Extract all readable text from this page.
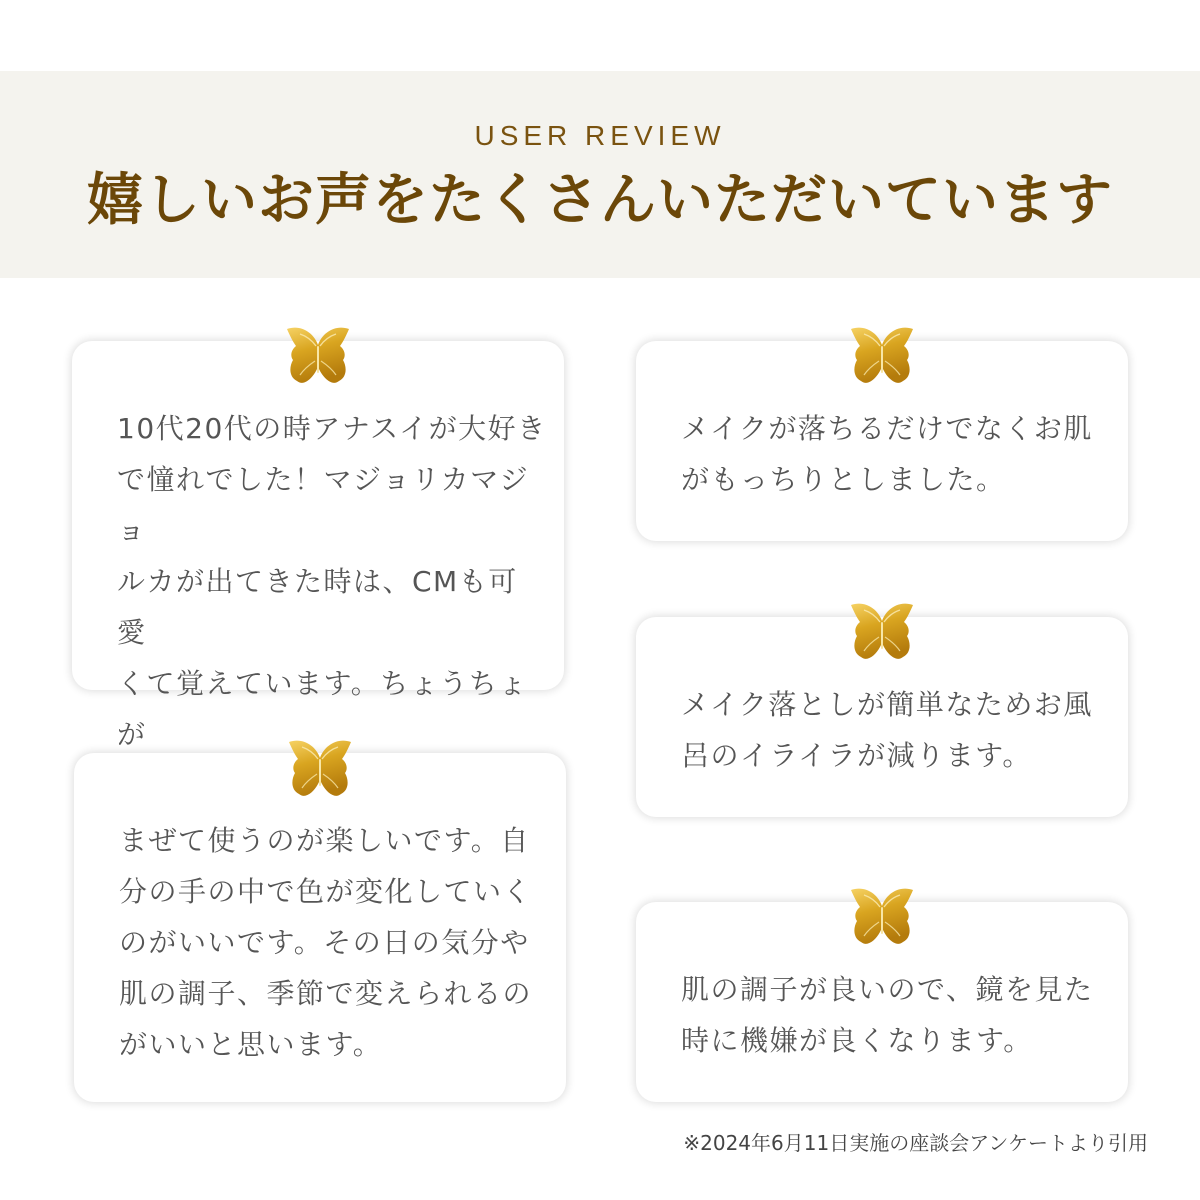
USER REVIEW
嬉しいお声をたくさんいただいています
10代20代の時アナスイが大好き
で憧れでした！マジョリカマジョ
ルカが出てきた時は、CMも可愛
くて覚えています。ちょうちょが
まぜて使うのが楽しいです。自
分の手の中で色が変化していく
のがいいです。その日の気分や
肌の調子、季節で変えられるの
がいいと思います。
メイクが落ちるだけでなくお肌
がもっちりとしました。
メイク落としが簡単なためお風
呂のイライラが減ります。
肌の調子が良いので、鏡を見た
時に機嫌が良くなります。
※2024年6月11日実施の座談会アンケートより引用
